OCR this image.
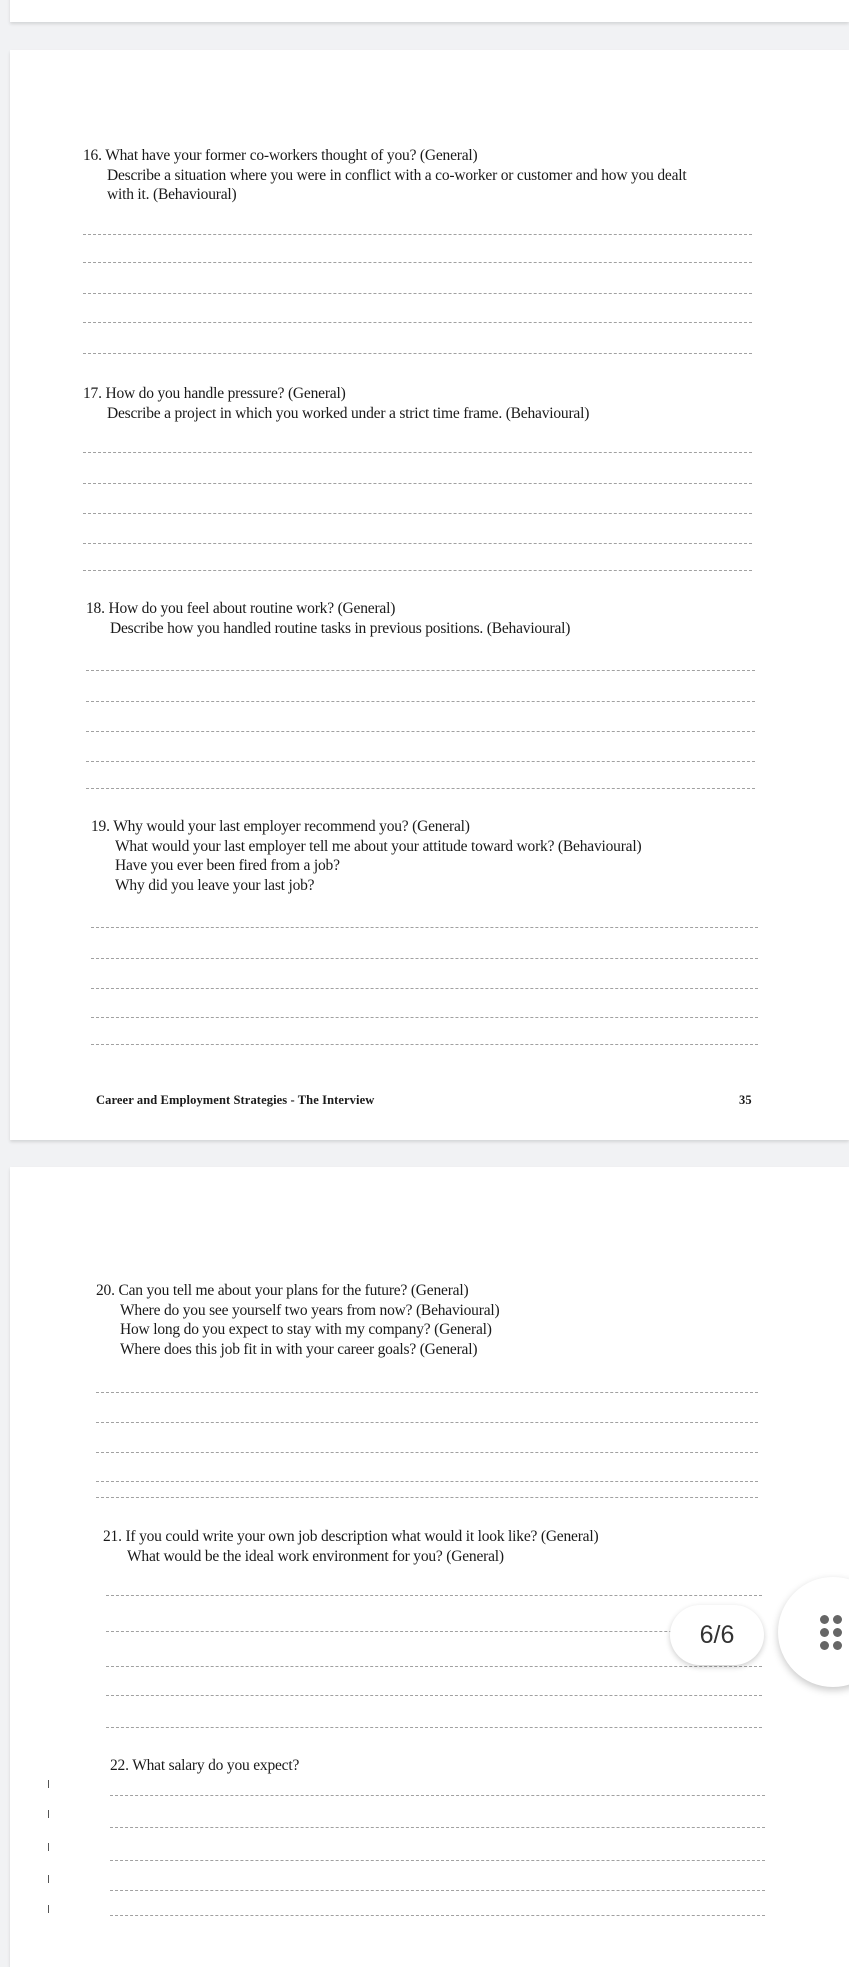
16. What have your former co-workers thought of you? (General)
Describe a situation where you were in conflict with a co-worker or customer and how you dealt
with it. (Behavioural)
17. How do you handle pressure? (General)
Describe a project in which you worked under a strict time frame. (Behavioural)
18. How do you feel about routine work? (General)
Describe how you handled routine tasks in previous positions. (Behavioural)
19. Why would your last employer recommend you? (General)
What would your last employer tell me about your attitude toward work? (Behavioural)
Have you ever been fired from a job?
Why did you leave your last job?
20. Can you tell me about your plans for the future? (General)
Where do you see yourself two years from now? (Behavioural)
How long do you expect to stay with my company? (General)
Where does this job fit in with your career goals? (General)
21. If you could write your own job description what would it look like? (General)
What would be the ideal work environment for you? (General)
22. What salary do you expect?
Career and Employment Strategies - The Interview	35
6/6
